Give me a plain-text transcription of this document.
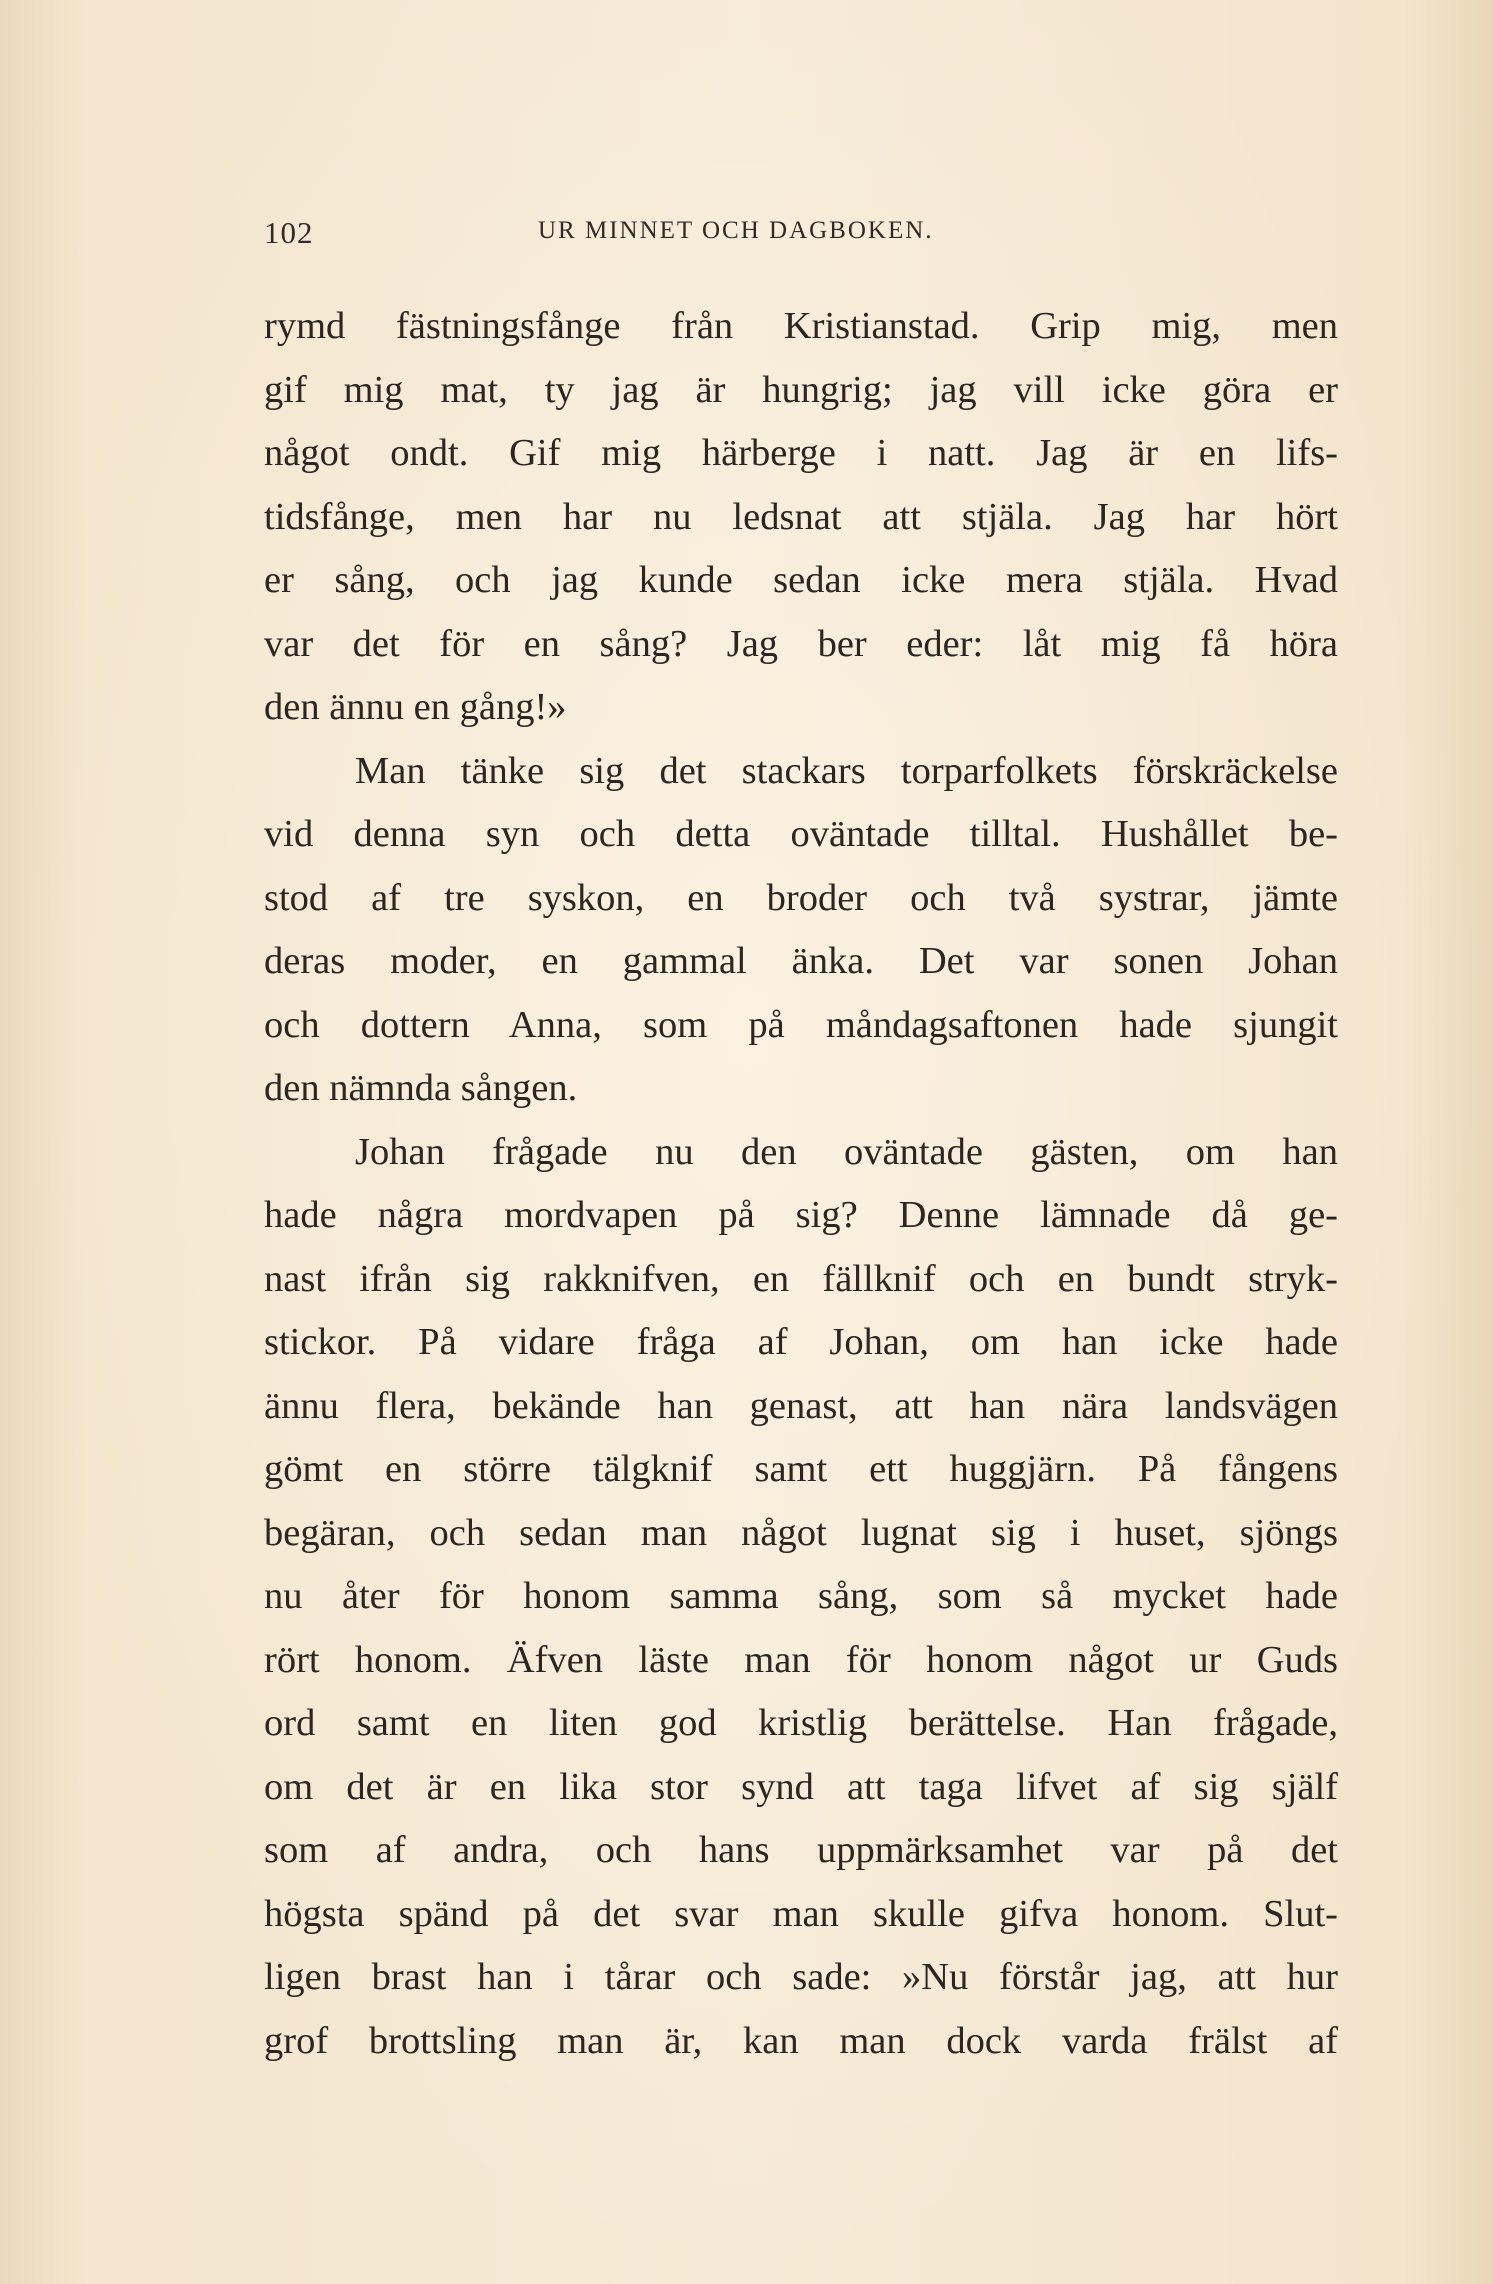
102	UR MINNET OCH DAGBOKEN.
rymd fästningsfånge från Kristianstad. Grip mig, men
gif mig mat, ty jag är hungrig; jag vill icke göra er
något ondt. Gif mig härberge i natt. Jag är en lifs-
tidsfånge, men har nu ledsnat att stjäla. Jag har hört
er sång, och jag kunde sedan icke mera stjäla. Hvad
var det för en sång? Jag ber eder: låt mig få höra
den ännu en gång!»
Man tänke sig det stackars torparfolkets förskräckelse
vid denna syn och detta oväntade tilltal. Hushållet be-
stod af tre syskon, en broder och två systrar, jämte
deras moder, en gammal änka. Det var sonen Johan
och dottern Anna, som på måndagsaftonen hade sjungit
den nämnda sången.
Johan frågade nu den oväntade gästen, om han
hade några mordvapen på sig? Denne lämnade då ge-
nast ifrån sig rakknifven, en fällknif och en bundt stryk-
stickor. På vidare fråga af Johan, om han icke hade
ännu flera, bekände han genast, att han nära landsvägen
gömt en större tälgknif samt ett huggjärn. På fångens
begäran, och sedan man något lugnat sig i huset, sjöngs
nu åter för honom samma sång, som så mycket hade
rört honom. Äfven läste man för honom något ur Guds
ord samt en liten god kristlig berättelse. Han frågade,
om det är en lika stor synd att taga lifvet af sig själf
som af andra, och hans uppmärksamhet var på det
högsta spänd på det svar man skulle gifva honom. Slut-
ligen brast han i tårar och sade: »Nu förstår jag, att hur
grof brottsling man är, kan man dock varda frälst af
